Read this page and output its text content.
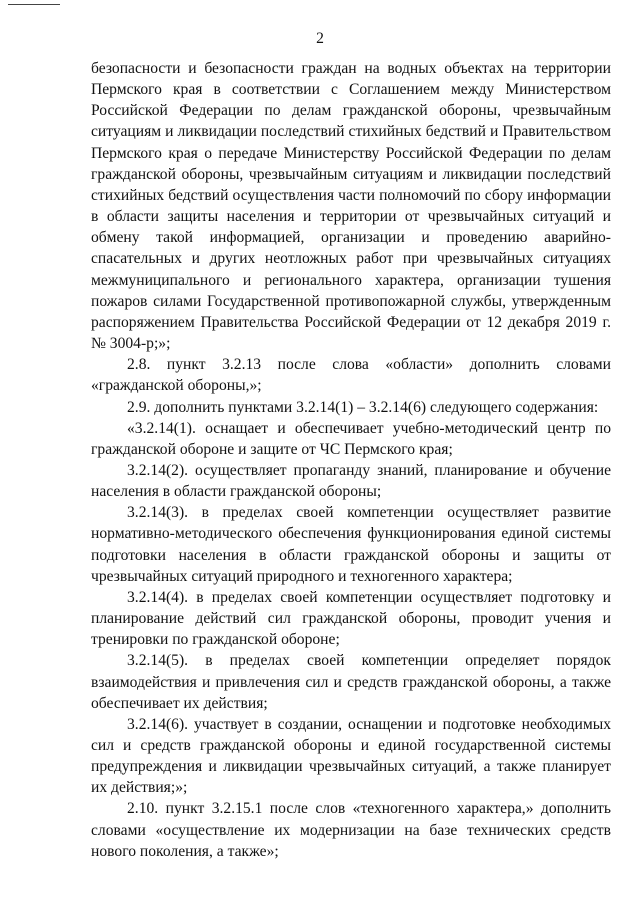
2

безопасности и безопасности граждан на водных объектах на территории Пермского края в соответствии с Соглашением между Министерством Российской Федерации по делам гражданской обороны, чрезвычайным ситуациям и ликвидации последствий стихийных бедствий и Правительством Пермского края о передаче Министерству Российской Федерации по делам гражданской обороны, чрезвычайным ситуациям и ликвидации последствий стихийных бедствий осуществления части полномочий по сбору информации в области защиты населения и территории от чрезвычайных ситуаций и обмену такой информацией, организации и проведению аварийно-спасательных и других неотложных работ при чрезвычайных ситуациях межмуниципального и регионального характера, организации тушения пожаров силами Государственной противопожарной службы, утвержденным распоряжением Правительства Российской Федерации от 12 декабря 2019 г. № 3004-р;»;

2.8. пункт 3.2.13 после слова «области» дополнить словами «гражданской обороны,»;

2.9. дополнить пунктами 3.2.14(1) – 3.2.14(6) следующего содержания:

«3.2.14(1). оснащает и обеспечивает учебно-методический центр по гражданской обороне и защите от ЧС Пермского края;

3.2.14(2). осуществляет пропаганду знаний, планирование и обучение населения в области гражданской обороны;

3.2.14(3). в пределах своей компетенции осуществляет развитие нормативно-методического обеспечения функционирования единой системы подготовки населения в области гражданской обороны и защиты от чрезвычайных ситуаций природного и техногенного характера;

3.2.14(4). в пределах своей компетенции осуществляет подготовку и планирование действий сил гражданской обороны, проводит учения и тренировки по гражданской обороне;

3.2.14(5). в пределах своей компетенции определяет порядок взаимодействия и привлечения сил и средств гражданской обороны, а также обеспечивает их действия;

3.2.14(6). участвует в создании, оснащении и подготовке необходимых сил и средств гражданской обороны и единой государственной системы предупреждения и ликвидации чрезвычайных ситуаций, а также планирует их действия;»;

2.10. пункт 3.2.15.1 после слов «техногенного характера,» дополнить словами «осуществление их модернизации на базе технических средств нового поколения, а также»;
